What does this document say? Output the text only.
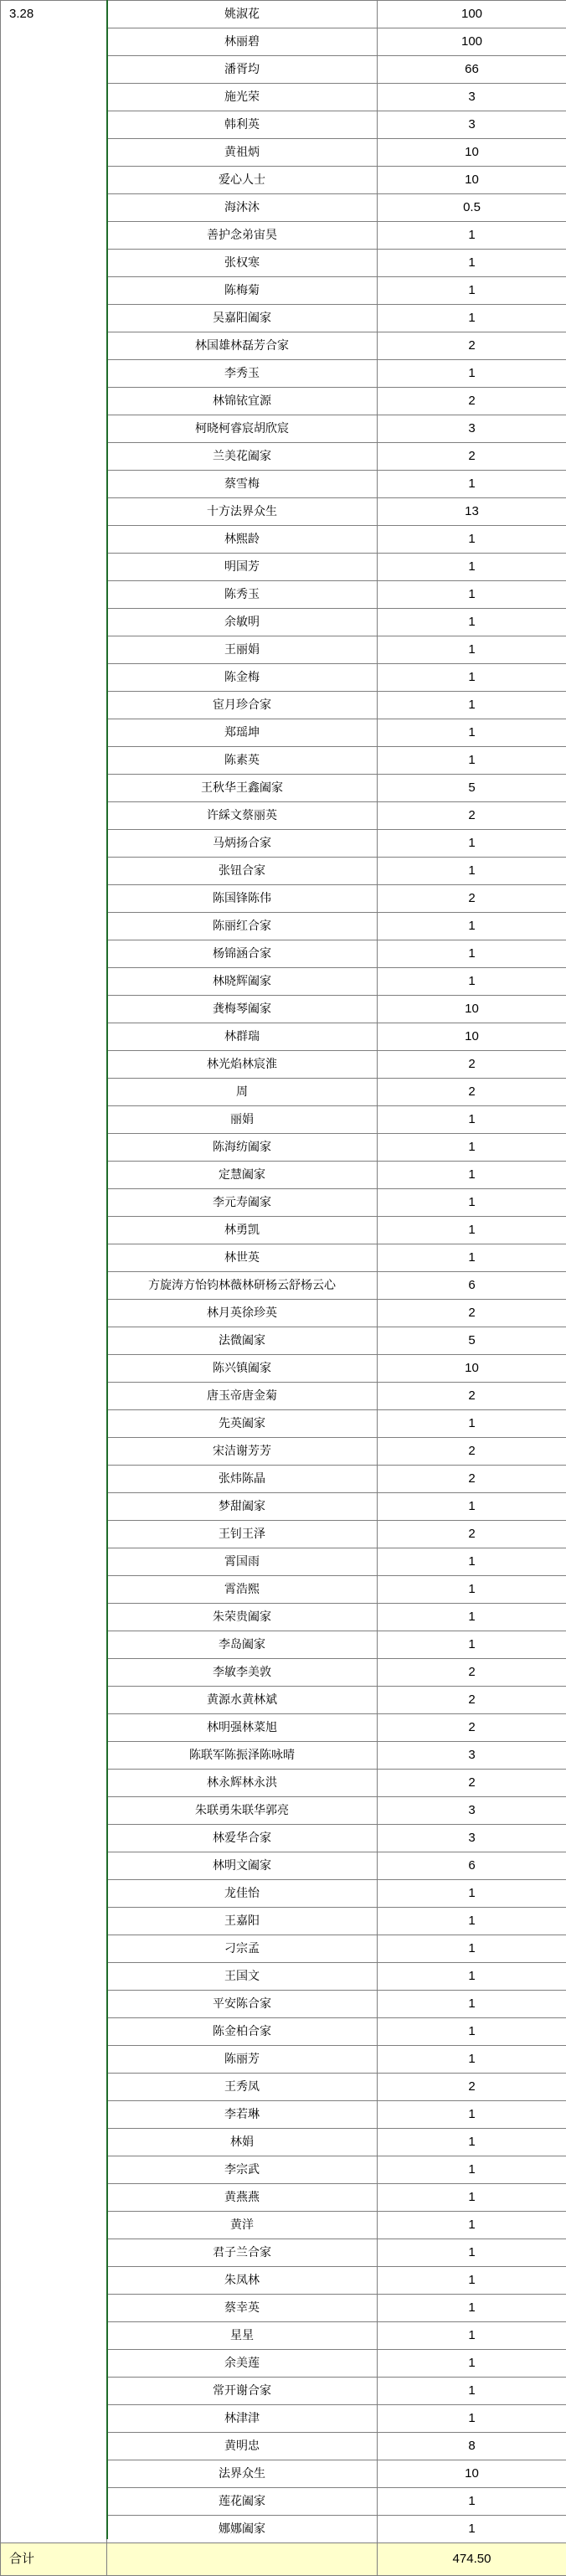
3.28	姚淑花	100
	林丽碧	100
	潘胥均	66
	施光荣	3
	韩利英	3
	黄祖炳	10
	爱心人士	10
	海沐沐	0.5
	善护念弟宙昊	1
	张权寒	1
	陈梅菊	1
	吴嘉阳阖家	1
	林国雄林磊芳合家	2
	李秀玉	1
	林锦铱宜源	2
	柯晓柯睿宸胡欣宸	3
	兰美花阖家	2
	蔡雪梅	1
	十方法界众生	13
	林熙龄	1
	明国芳	1
	陈秀玉	1
	余敏明	1
	王丽娟	1
	陈金梅	1
	宦月珍合家	1
	郑瑶坤	1
	陈素英	1
	王秋华王鑫阖家	5
	许綵文蔡丽英	2
	马炳扬合家	1
	张钮合家	1
	陈国锋陈伟	2
	陈丽红合家	1
	杨锦涵合家	1
	林晓辉阖家	1
	龚梅琴阖家	10
	林群瑞	10
	林光焰林宸淮	2
	周	2
	丽娟	1
	陈海纺阖家	1
	定慧阖家	1
	李元寿阖家	1
	林勇凯	1
	林世英	1
	方旋涛方怡钧林薇林研杨云舒杨云心	6
	林月英徐珍英	2
	法微阖家	5
	陈兴镇阖家	10
	唐玉帝唐金菊	2
	先英阖家	1
	宋洁谢芳芳	2
	张炜陈晶	2
	梦甜阖家	1
	王钊王泽	2
	霄国雨	1
	霄浩熙	1
	朱荣贵阖家	1
	李岛阖家	1
	李敏李美敦	2
	黄源水黄林斌	2
	林明强林菜旭	2
	陈联军陈振泽陈咏晴	3
	林永辉林永洪	2
	朱联勇朱联华郭亮	3
	林爱华合家	3
	林明文阖家	6
	龙佳怡	1
	王嘉阳	1
	刁宗孟	1
	王国文	1
	平安陈合家	1
	陈金柏合家	1
	陈丽芳	1
	王秀凤	2
	李若琳	1
	林娟	1
	李宗武	1
	黄燕燕	1
	黄洋	1
	君子兰合家	1
	朱凤林	1
	蔡幸英	1
	星星	1
	余美莲	1
	常开谢合家	1
	林津津	1
	黄明忠	8
	法界众生	10
	莲花阖家	1
	娜娜阖家	1
合计		474.50
